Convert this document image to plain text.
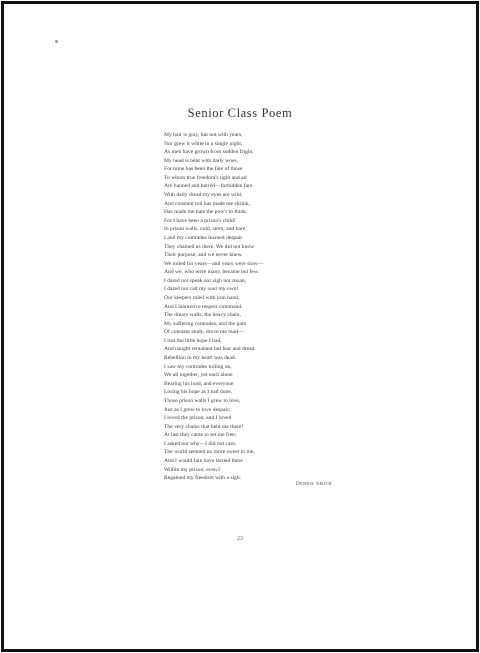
Senior Class Poem
My hair is gray, but not with years,
Nor grew it white in a single night,
As men have grown from sudden fright.
My head is bent with daily woes,
For mine has been the fate of those
To whom true freedom's light and air
Are banned and barred—forbidden fare.
With daily dread my eyes are wild,
And constant toil has made me shrink,
Has made me hate the pow'r to think,
For I have been a prison's child!
In prison walls, cold, stern, and bare,
I and my comrades learned despair.
They chained us there. We did not know
Their purpose; and we never knew.
We toiled for years—and years were slow—
And we, who were many, became but few.
I dared not speak nor sigh nor moan,
I dared not call my soul my own!
Our keepers ruled with iron hand,
And I learned to respect command.
The dreary walls, the heavy chain,
My suffering comrades, and the pain
Of constant study, drove me mad—
I lost the little hope I had,
And naught remained but fear and dread.
Rebellion in my heart was dead.
I saw my comrades toiling on,
We all together, yet each alone
Bearing his load, and everyone
Losing his hope as I had done.
Those prison walls I grew to love,
Just as I grew to love despair;
I loved the prison, and I loved
The very chains that held me there!
At last they came to set me free;
I asked not why—I did not care;
The world seemed no more sweet to me,
And I would fain have tarried there
Within my prison; even I
Regained my freedom with a sigh.
Debbie Smith
23
